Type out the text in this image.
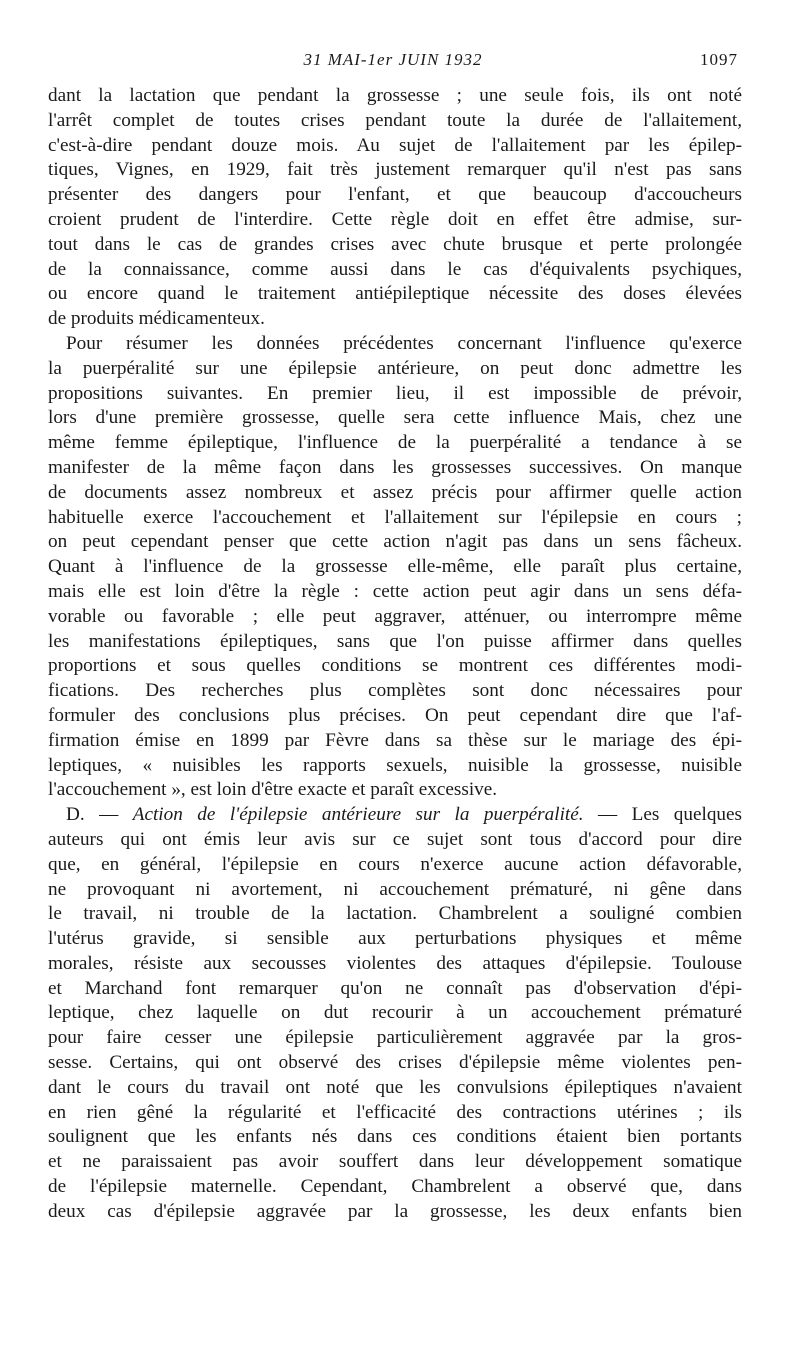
31 MAI-1er JUIN 1932	1097
dant la lactation que pendant la grossesse ; une seule fois, ils ont noté
l'arrêt complet de toutes crises pendant toute la durée de l'allaitement,
c'est-à-dire pendant douze mois. Au sujet de l'allaitement par les épilep-
tiques, Vignes, en 1929, fait très justement remarquer qu'il n'est pas sans
présenter des dangers pour l'enfant, et que beaucoup d'accoucheurs
croient prudent de l'interdire. Cette règle doit en effet être admise, sur-
tout dans le cas de grandes crises avec chute brusque et perte prolongée
de la connaissance, comme aussi dans le cas d'équivalents psychiques,
ou encore quand le traitement antiépileptique nécessite des doses élevées
de produits médicamenteux.
Pour résumer les données précédentes concernant l'influence qu'exerce
la puerpéralité sur une épilepsie antérieure, on peut donc admettre les
propositions suivantes. En premier lieu, il est impossible de prévoir,
lors d'une première grossesse, quelle sera cette influence Mais, chez une
même femme épileptique, l'influence de la puerpéralité a tendance à se
manifester de la même façon dans les grossesses successives. On manque
de documents assez nombreux et assez précis pour affirmer quelle action
habituelle exerce l'accouchement et l'allaitement sur l'épilepsie en cours ;
on peut cependant penser que cette action n'agit pas dans un sens fâcheux.
Quant à l'influence de la grossesse elle-même, elle paraît plus certaine,
mais elle est loin d'être la règle : cette action peut agir dans un sens défa-
vorable ou favorable ; elle peut aggraver, atténuer, ou interrompre même
les manifestations épileptiques, sans que l'on puisse affirmer dans quelles
proportions et sous quelles conditions se montrent ces différentes modi-
fications. Des recherches plus complètes sont donc nécessaires pour
formuler des conclusions plus précises. On peut cependant dire que l'af-
firmation émise en 1899 par Fèvre dans sa thèse sur le mariage des épi-
leptiques, « nuisibles les rapports sexuels, nuisible la grossesse, nuisible
l'accouchement », est loin d'être exacte et paraît excessive.
D. — Action de l'épilepsie antérieure sur la puerpéralité. — Les quelques
auteurs qui ont émis leur avis sur ce sujet sont tous d'accord pour dire
que, en général, l'épilepsie en cours n'exerce aucune action défavorable,
ne provoquant ni avortement, ni accouchement prématuré, ni gêne dans
le travail, ni trouble de la lactation. Chambrelent a souligné combien
l'utérus gravide, si sensible aux perturbations physiques et même
morales, résiste aux secousses violentes des attaques d'épilepsie. Toulouse
et Marchand font remarquer qu'on ne connaît pas d'observation d'épi-
leptique, chez laquelle on dut recourir à un accouchement prématuré
pour faire cesser une épilepsie particulièrement aggravée par la gros-
sesse. Certains, qui ont observé des crises d'épilepsie même violentes pen-
dant le cours du travail ont noté que les convulsions épileptiques n'avaient
en rien gêné la régularité et l'efficacité des contractions utérines ; ils
soulignent que les enfants nés dans ces conditions étaient bien portants
et ne paraissaient pas avoir souffert dans leur développement somatique
de l'épilepsie maternelle. Cependant, Chambrelent a observé que, dans
deux cas d'épilepsie aggravée par la grossesse, les deux enfants bien
